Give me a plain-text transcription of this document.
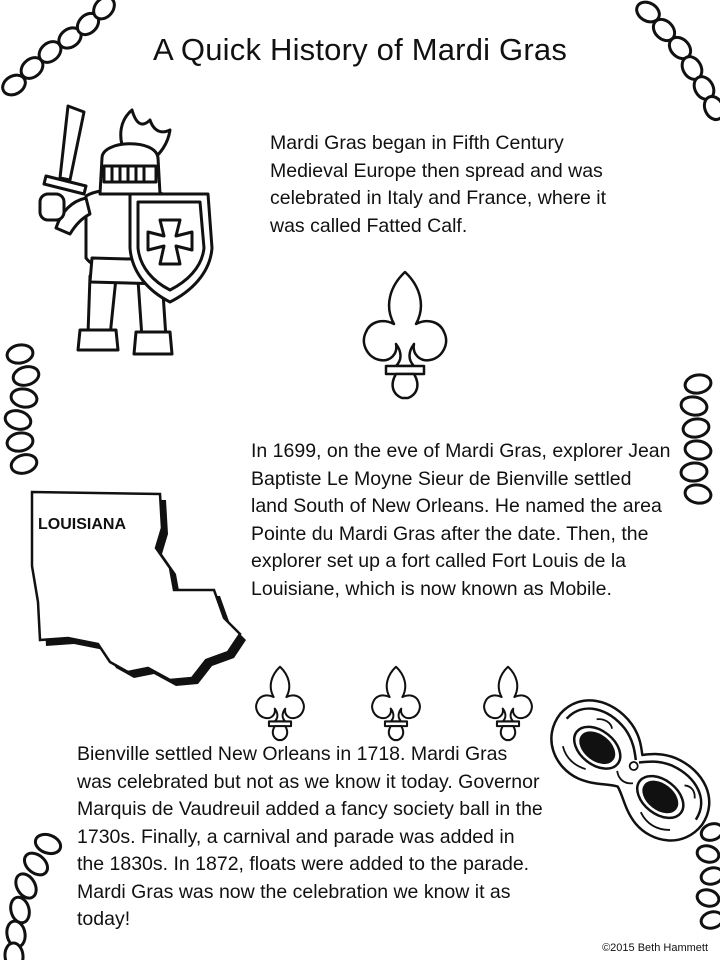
A Quick History of Mardi Gras

Mardi Gras began in Fifth Century Medieval Europe then spread and was celebrated in Italy and France, where it was called Fatted Calf.

LOUISIANA

In 1699, on the eve of Mardi Gras, explorer Jean Baptiste Le Moyne Sieur de Bienville settled land South of New Orleans. He named the area Pointe du Mardi Gras after the date. Then, the explorer set up a fort called Fort Louis de la Louisiane, which is now known as Mobile.

Bienville settled New Orleans in 1718. Mardi Gras was celebrated but not as we know it today. Governor Marquis de Vaudreuil added a fancy society ball in the 1730s. Finally, a carnival and parade was added in the 1830s. In 1872, floats were added to the parade. Mardi Gras was now the celebration we know it as today!

©2015 Beth Hammett
